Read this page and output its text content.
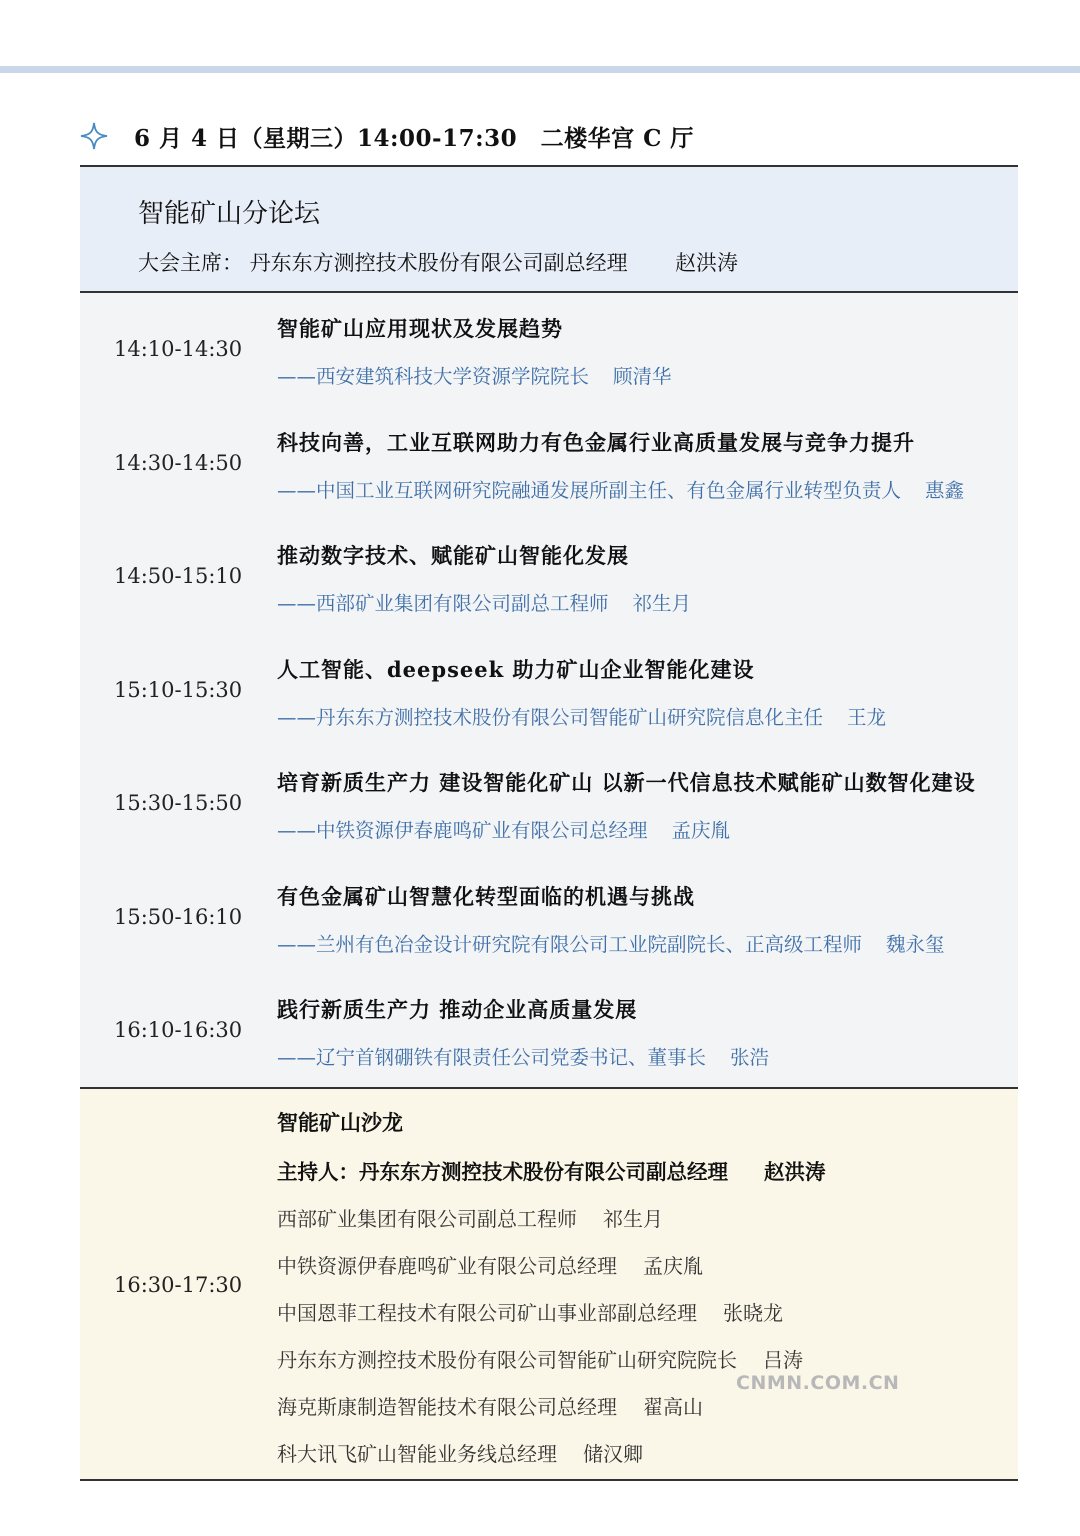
6 月 4 日（星期三）14:00-17:30　二楼华宫 C 厅
智能矿山分论坛
大会主席： 丹东东方测控技术股份有限公司副总经理 赵洪涛
14:10-14:30
智能矿山应用现状及发展趋势
——西安建筑科技大学资源学院院长 顾清华
14:30-14:50
科技向善，工业互联网助力有色金属行业高质量发展与竞争力提升
——中国工业互联网研究院融通发展所副主任、有色金属行业转型负责人 惠鑫
14:50-15:10
推动数字技术、赋能矿山智能化发展
——西部矿业集团有限公司副总工程师 祁生月
15:10-15:30
人工智能、deepseek 助力矿山企业智能化建设
——丹东东方测控技术股份有限公司智能矿山研究院信息化主任 王龙
15:30-15:50
培育新质生产力 建设智能化矿山 以新一代信息技术赋能矿山数智化建设
——中铁资源伊春鹿鸣矿业有限公司总经理 孟庆胤
15:50-16:10
有色金属矿山智慧化转型面临的机遇与挑战
——兰州有色冶金设计研究院有限公司工业院副院长、正高级工程师 魏永玺
16:10-16:30
践行新质生产力 推动企业高质量发展
——辽宁首钢硼铁有限责任公司党委书记、董事长 张浩
16:30-17:30
智能矿山沙龙
主持人：丹东东方测控技术股份有限公司副总经理 赵洪涛
西部矿业集团有限公司副总工程师 祁生月
中铁资源伊春鹿鸣矿业有限公司总经理 孟庆胤
中国恩菲工程技术有限公司矿山事业部副总经理 张晓龙
丹东东方测控技术股份有限公司智能矿山研究院院长 吕涛
海克斯康制造智能技术有限公司总经理 翟高山
科大讯飞矿山智能业务线总经理 储汉卿
CNMN.COM.CN
